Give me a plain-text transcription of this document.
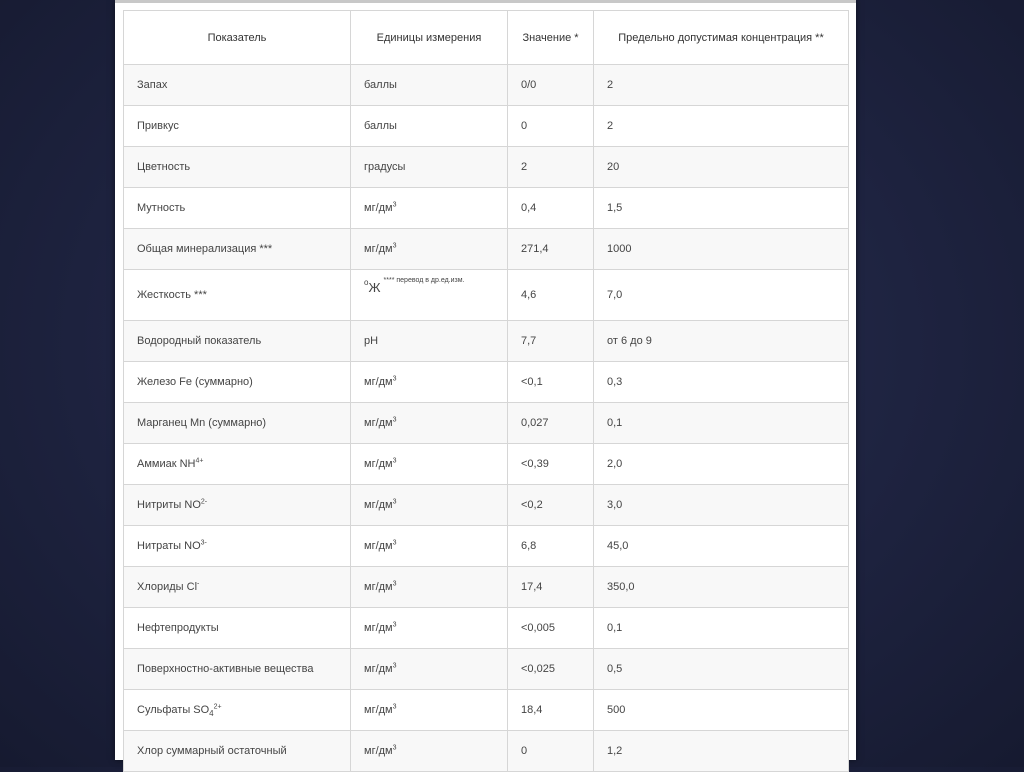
Показатель	Единицы измерения	Значение *	Предельно допустимая концентрация **
Запах	баллы	0/0	2
Привкус	баллы	0	2
Цветность	градусы	2	20
Мутность	$мг/дм^3$	0,4	1,5
Общая минерализация ***	$мг/дм^3$	271,4	1000
Жесткость ***	$^о$Ж $^{**** перевод в др.ед.изм.}$	4,6	7,0
Водородный показатель	pH	7,7	от 6 до 9
Железо Fe (суммарно)	$мг/дм^3$	<0,1	0,3
Марганец Mn (суммарно)	$мг/дм^3$	0,027	0,1
Аммиак $NH^{4+}$	$мг/дм^3$	<0,39	2,0
Нитриты $NO^{2-}$	$мг/дм^3$	<0,2	3,0
Нитраты $NO^{3-}$	$мг/дм^3$	6,8	45,0
Хлориды Cl-	$мг/дм^3$	17,4	350,0
Нефтепродукты	$мг/дм^3$	<0,005	0,1
Поверхностно-активные вещества	$мг/дм^3$	<0,025	0,5
Сульфаты $SO_4^{2+}$	$мг/дм^3$	18,4	500
Хлор суммарный остаточный	$мг/дм^3$	0	1,2
